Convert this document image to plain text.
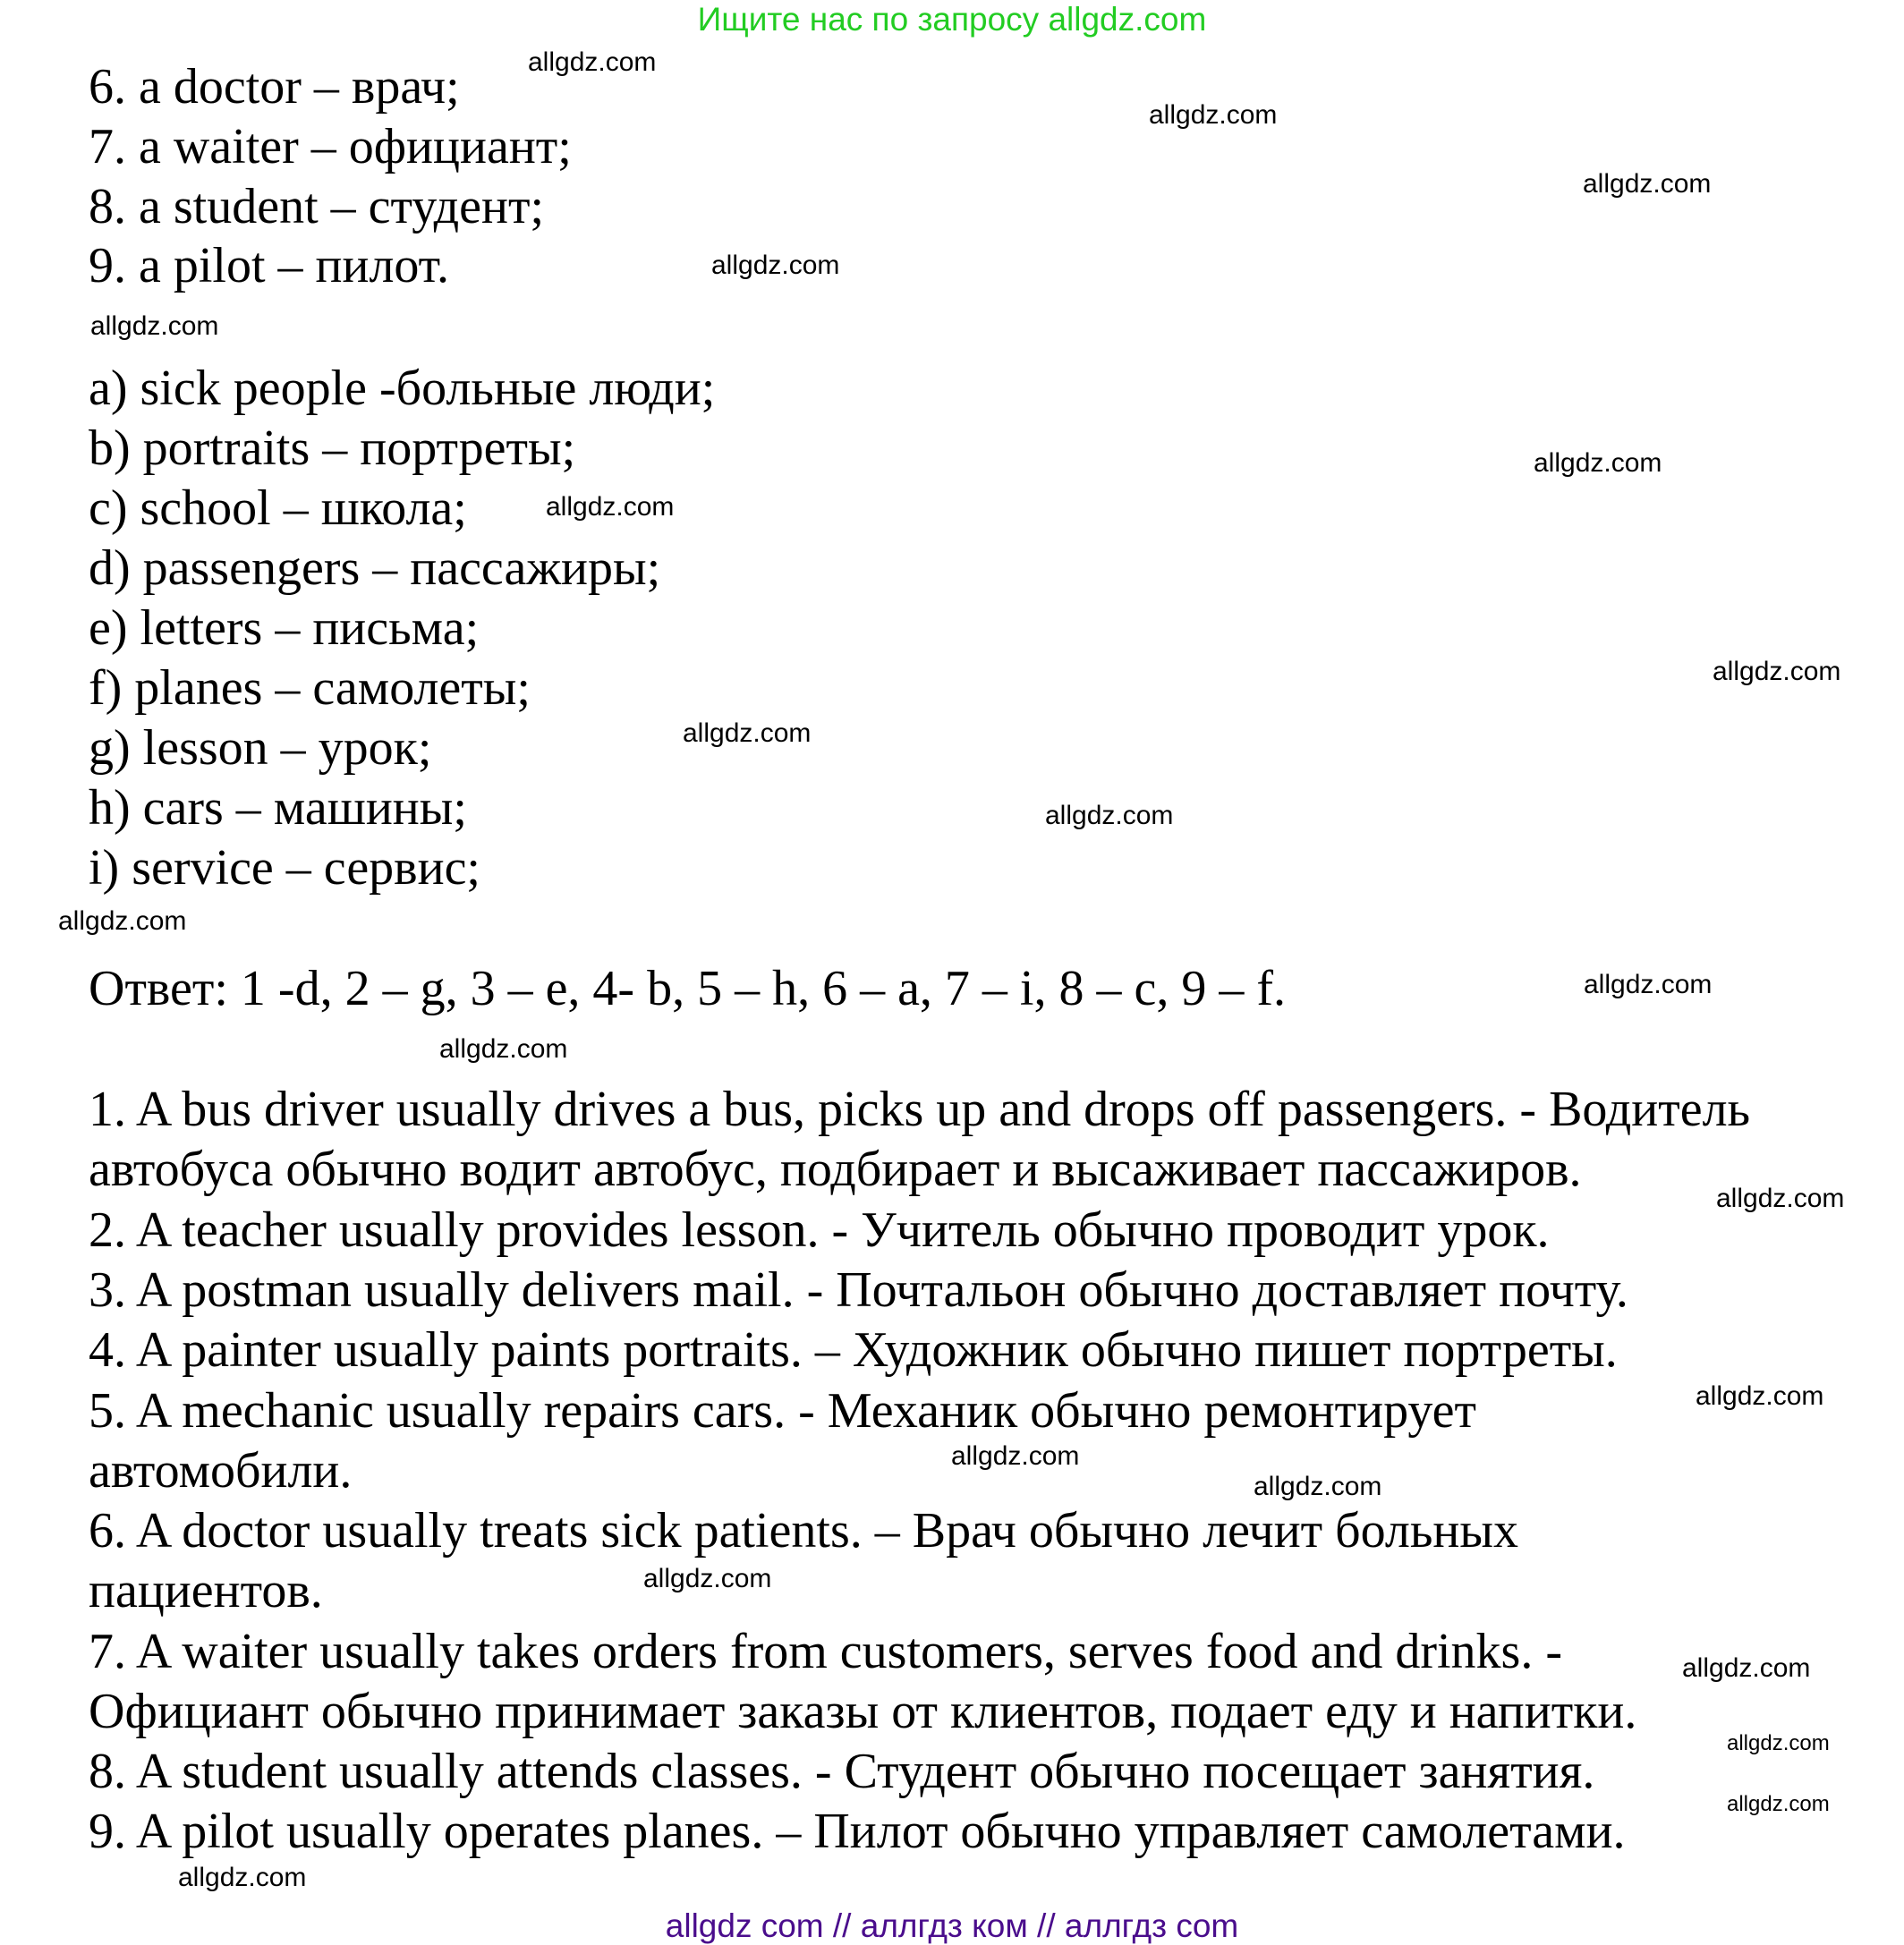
Ищите нас по запросу allgdz.com
6. a doctor – врач;
7. a waiter – официант;
8. a student – студент;
9. a pilot – пилот.
a) sick people -больные люди;
b) portraits – портреты;
c) school – школа;
d) passengers – пассажиры;
e) letters – письма;
f) planes – самолеты;
g) lesson – урок;
h) cars – машины;
i) service – сервис;
Ответ: 1 -d, 2 – g, 3 – e, 4- b, 5 – h, 6 – a, 7 – i, 8 – c, 9 – f.
1. A bus driver usually drives a bus, picks up and drops off passengers. - Водитель
автобуса обычно водит автобус, подбирает и высаживает пассажиров.
2. A teacher usually provides lesson. - Учитель обычно проводит урок.
3. A postman usually delivers mail. - Почтальон обычно доставляет почту.
4. A painter usually paints portraits. – Художник обычно пишет портреты.
5. A mechanic usually repairs cars. - Механик обычно ремонтирует
автомобили.
6. A doctor usually treats sick patients. – Врач обычно лечит больных
пациентов.
7. A waiter usually takes orders from customers, serves food and drinks. -
Официант обычно принимает заказы от клиентов, подает еду и напитки.
8. A student usually attends classes. - Студент обычно посещает занятия.
9. A pilot usually operates planes. – Пилот обычно управляет самолетами.
allgdz.com
allgdz.com
allgdz.com
allgdz.com
allgdz.com
allgdz.com
allgdz.com
allgdz.com
allgdz.com
allgdz.com
allgdz.com
allgdz.com
allgdz.com
allgdz.com
allgdz.com
allgdz.com
allgdz.com
allgdz.com
allgdz.com
allgdz.com
allgdz.com
allgdz.com
allgdz com // аллгдз ком // аллгдз com
